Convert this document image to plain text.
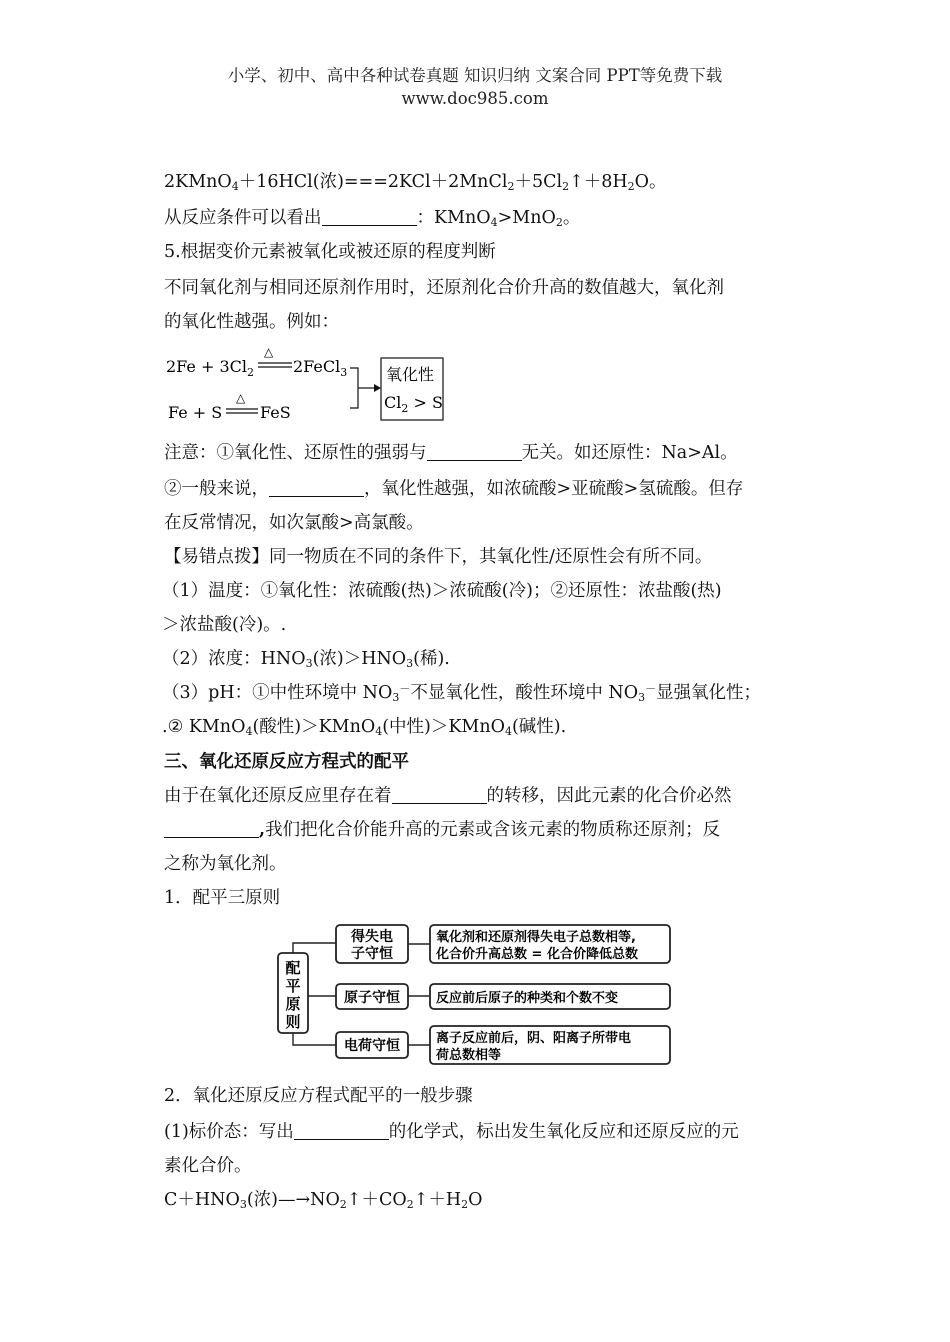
小学、初中、高中各种试卷真题 知识归纳 文案合同 PPT等免费下载
www.doc985.com
2KMnO$_4$＋16HCl(浓)$===2KCl+2MnCl_2+5Cl_2↑+8H_2O$。
从反应条件可以看出	：KMnO$_4$>MnO$_2$。
5.根据变价元素被氧化或被还原的程度判断
不同氧化剂与相同还原剂作用时，还原剂化合价升高的数值越大，氧化剂
的氧化性越强。例如：
$2Fe + 3Cl_2$
△
2FeCl$_3$
Fe + S
△
FeS
氧化性
$Cl_2 > S$
注意：①氧化性、还原性的强弱与	无关。如还原性：Na>Al。
②一般来说，	，氧化性越强，如浓硫酸>亚硫酸>氢硫酸。但存
在反常情况，如次氯酸>高氯酸。
【易错点拨】同一物质在不同的条件下，其氧化性/还原性会有所不同。
（1）温度：①氧化性：浓硫酸(热)＞浓硫酸(冷)；②还原性：浓盐酸(热)
＞浓盐酸(冷)。.
（2）浓度：$HNO_3$(浓)$>HNO_3$(稀).
（3）pH：①中性环境中 $NO_3^-$不显氧化性，酸性环境中 $NO_3^-$显强氧化性；
.② KMnO$_4$(酸性)＞KMnO$_4$(中性)＞KMnO$_4$(碱性).
三、氧化还原反应方程式的配平
由于在氧化还原反应里存在着	的转移，因此元素的化合价必然
,我们把化合价能升高的元素或含该元素的物质称还原剂；反
之称为氧化剂。
1．配平三原则
配
平
原
则
得失电
子守恒
氧化剂和还原剂得失电子总数相等,
化合价升高总数 = 化合价降低总数
原子守恒	反应前后原子的种类和个数不变
电荷守恒	离子反应前后，阴、阳离子所带电
荷总数相等
2．氧化还原反应方程式配平的一般步骤
(1)标价态：写出	的化学式，标出发生氧化反应和还原反应的元
素化合价。
$C+HNO_3$(浓)$—\to NO_2↑+CO_2↑+H_2O$
